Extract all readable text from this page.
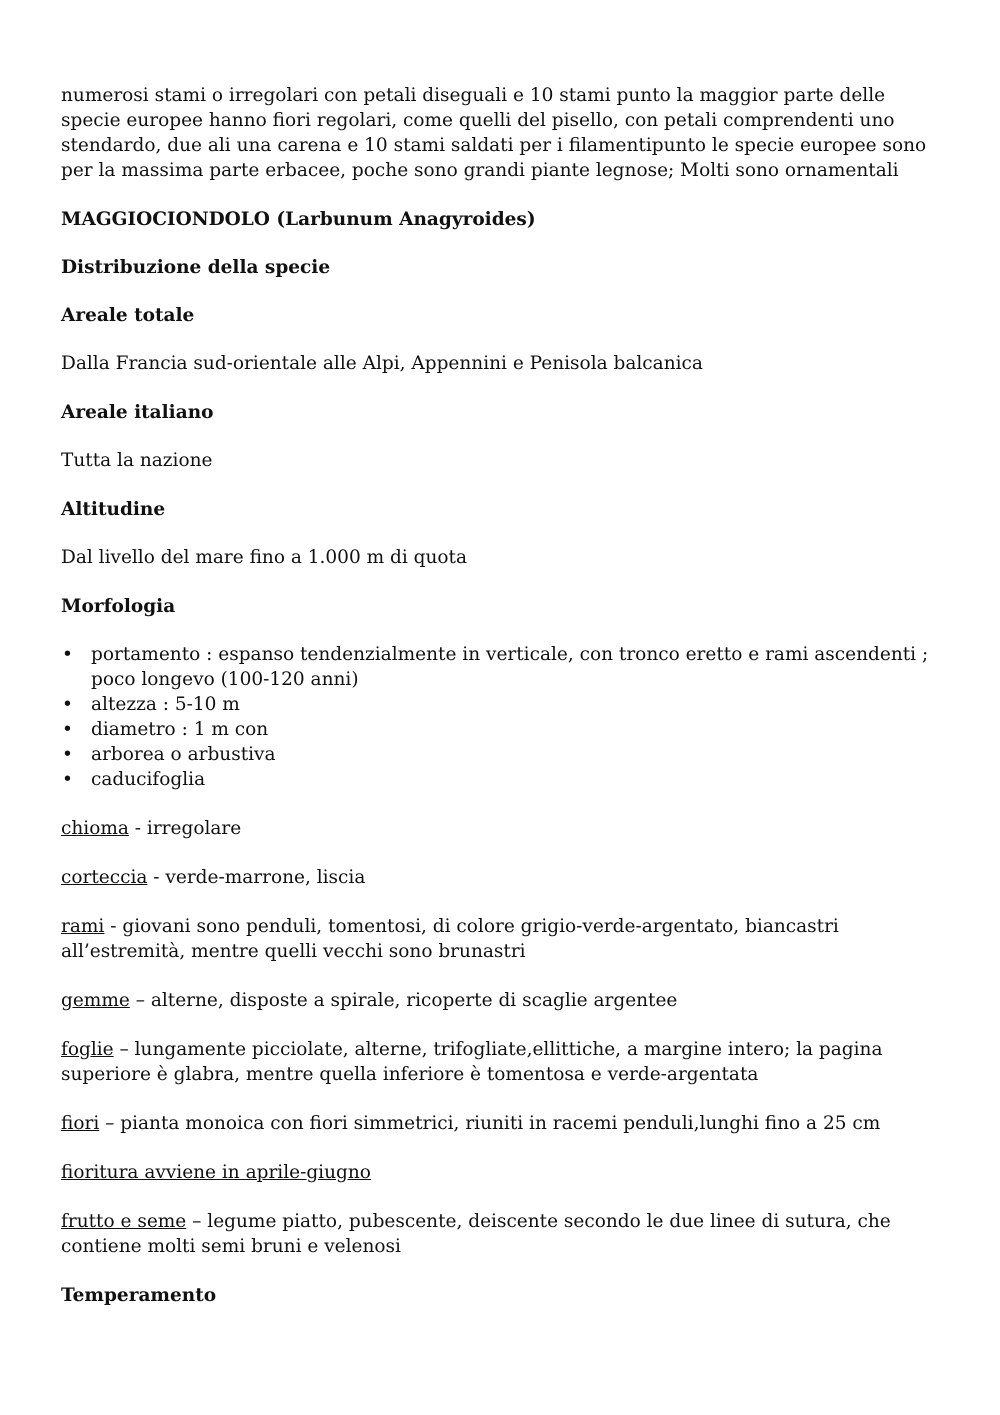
numerosi stami o irregolari con petali diseguali e 10 stami punto la maggior parte delle specie europee hanno fiori regolari, come quelli del pisello, con petali comprendenti uno stendardo, due ali una carena e 10 stami saldati per i filamentipunto le specie europee sono per la massima parte erbacee, poche sono grandi piante legnose; Molti sono ornamentali

MAGGIOCIONDOLO (Larbunum Anagyroides)

Distribuzione della specie

Areale totale

Dalla Francia sud-orientale alle Alpi, Appennini e Penisola balcanica

Areale italiano

Tutta la nazione

Altitudine

Dal livello del mare fino a 1.000 m di quota

Morfologia

• portamento : espanso tendenzialmente in verticale, con tronco eretto e rami ascendenti ; poco longevo (100-120 anni)
• altezza : 5-10 m
• diametro : 1 m con
• arborea o arbustiva
• caducifoglia

chioma - irregolare

corteccia - verde-marrone, liscia

rami - giovani sono penduli, tomentosi, di colore grigio-verde-argentato, biancastri all’estremità, mentre quelli vecchi sono brunastri

gemme – alterne, disposte a spirale, ricoperte di scaglie argentee

foglie – lungamente picciolate, alterne, trifogliate,ellittiche, a margine intero; la pagina superiore è glabra, mentre quella inferiore è tomentosa e verde-argentata

fiori – pianta monoica con fiori simmetrici, riuniti in racemi penduli,lunghi fino a 25 cm

fioritura avviene in aprile-giugno

frutto e seme – legume piatto, pubescente, deiscente secondo le due linee di sutura, che contiene molti semi bruni e velenosi

Temperamento
